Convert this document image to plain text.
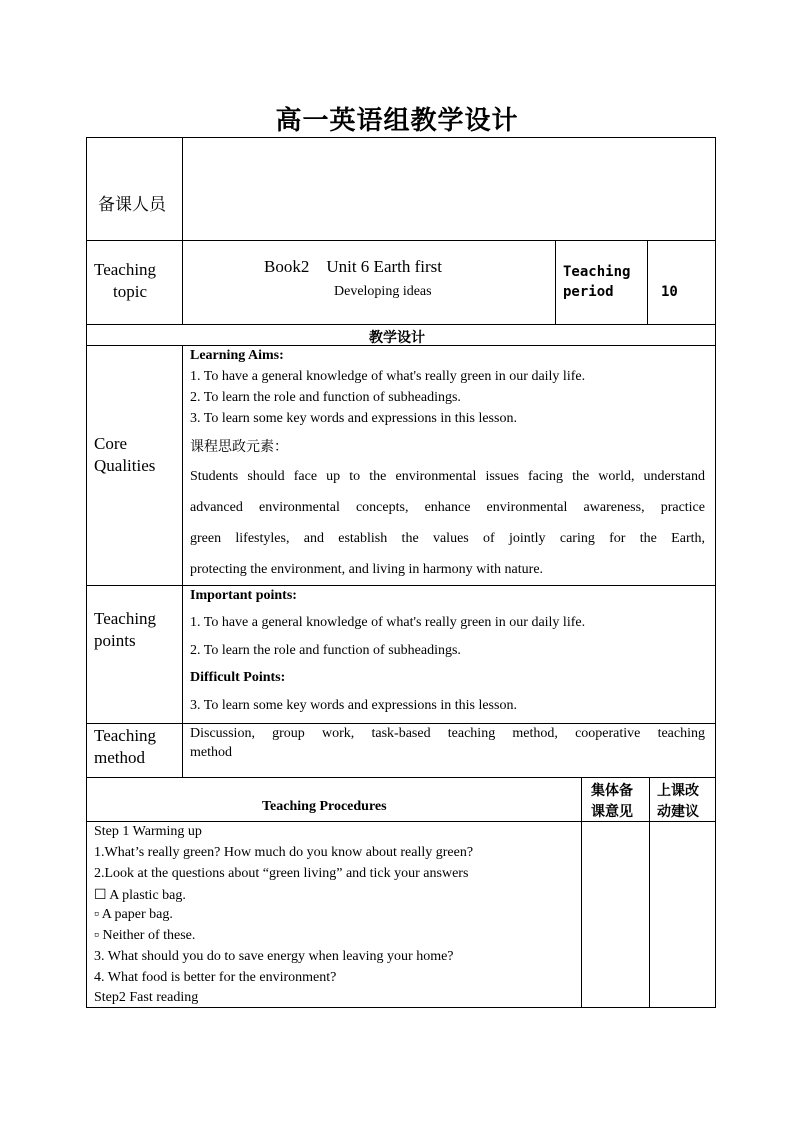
高一英语组教学设计
备课人员
Teaching
topic
Book2　Unit 6 Earth first
Developing ideas
Teaching
period	10
教学设计
Core
Qualities
Learning Aims:
1. To have a general knowledge of what's really green in our daily life.
2. To learn the role and function of subheadings.
3. To learn some key words and expressions in this lesson.
课程思政元素：
Students should face up to the environmental issues facing the world, understand
advanced environmental concepts, enhance environmental awareness, practice
green lifestyles, and establish the values of jointly caring for the Earth,
protecting the environment, and living in harmony with nature.
Teaching
points
Important points:
1. To have a general knowledge of what's really green in our daily life.
2. To learn the role and function of subheadings.
Difficult Points:
3. To learn some key words and expressions in this lesson.
Teaching
method
Discussion, group work, task-based teaching method, cooperative teaching
method
Teaching Procedures
集体备
课意见
上课改
动建议
Step 1 Warming up
1.What’s really green? How much do you know about really green?
2.Look at the questions about “green living” and tick your answers
☐ A plastic bag.
▫ A paper bag.
▫ Neither of these.
3. What should you do to save energy when leaving your home?
4. What food is better for the environment?
Step2 Fast reading
